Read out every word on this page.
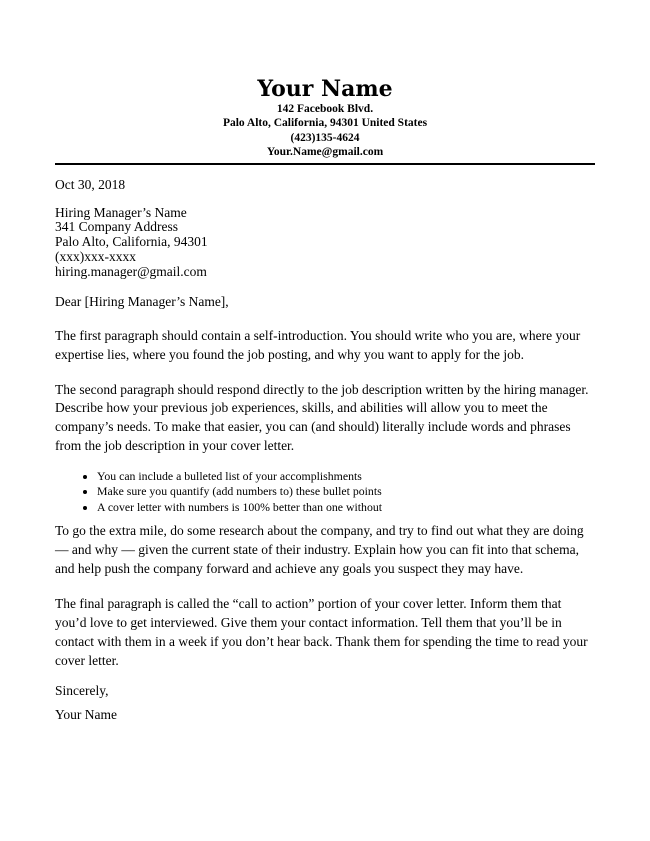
Your Name
142 Facebook Blvd.
Palo Alto, California, 94301 United States
(423)135-4624
Your.Name@gmail.com
Oct 30, 2018
Hiring Manager’s Name
341 Company Address
Palo Alto, California, 94301
(xxx)xxx-xxxx
hiring.manager@gmail.com
Dear [Hiring Manager’s Name],

The first paragraph should contain a self-introduction. You should write who you are, where your expertise lies, where you found the job posting, and why you want to apply for the job.

The second paragraph should respond directly to the job description written by the hiring manager. Describe how your previous job experiences, skills, and abilities will allow you to meet the company’s needs. To make that easier, you can (and should) literally include words and phrases from the job description in your cover letter.

• You can include a bulleted list of your accomplishments
• Make sure you quantify (add numbers to) these bullet points
• A cover letter with numbers is 100% better than one without

To go the extra mile, do some research about the company, and try to find out what they are doing — and why — given the current state of their industry. Explain how you can fit into that schema, and help push the company forward and achieve any goals you suspect they may have.

The final paragraph is called the “call to action” portion of your cover letter. Inform them that you’d love to get interviewed. Give them your contact information. Tell them that you’ll be in contact with them in a week if you don’t hear back. Thank them for spending the time to read your cover letter.

Sincerely,
Your Name
